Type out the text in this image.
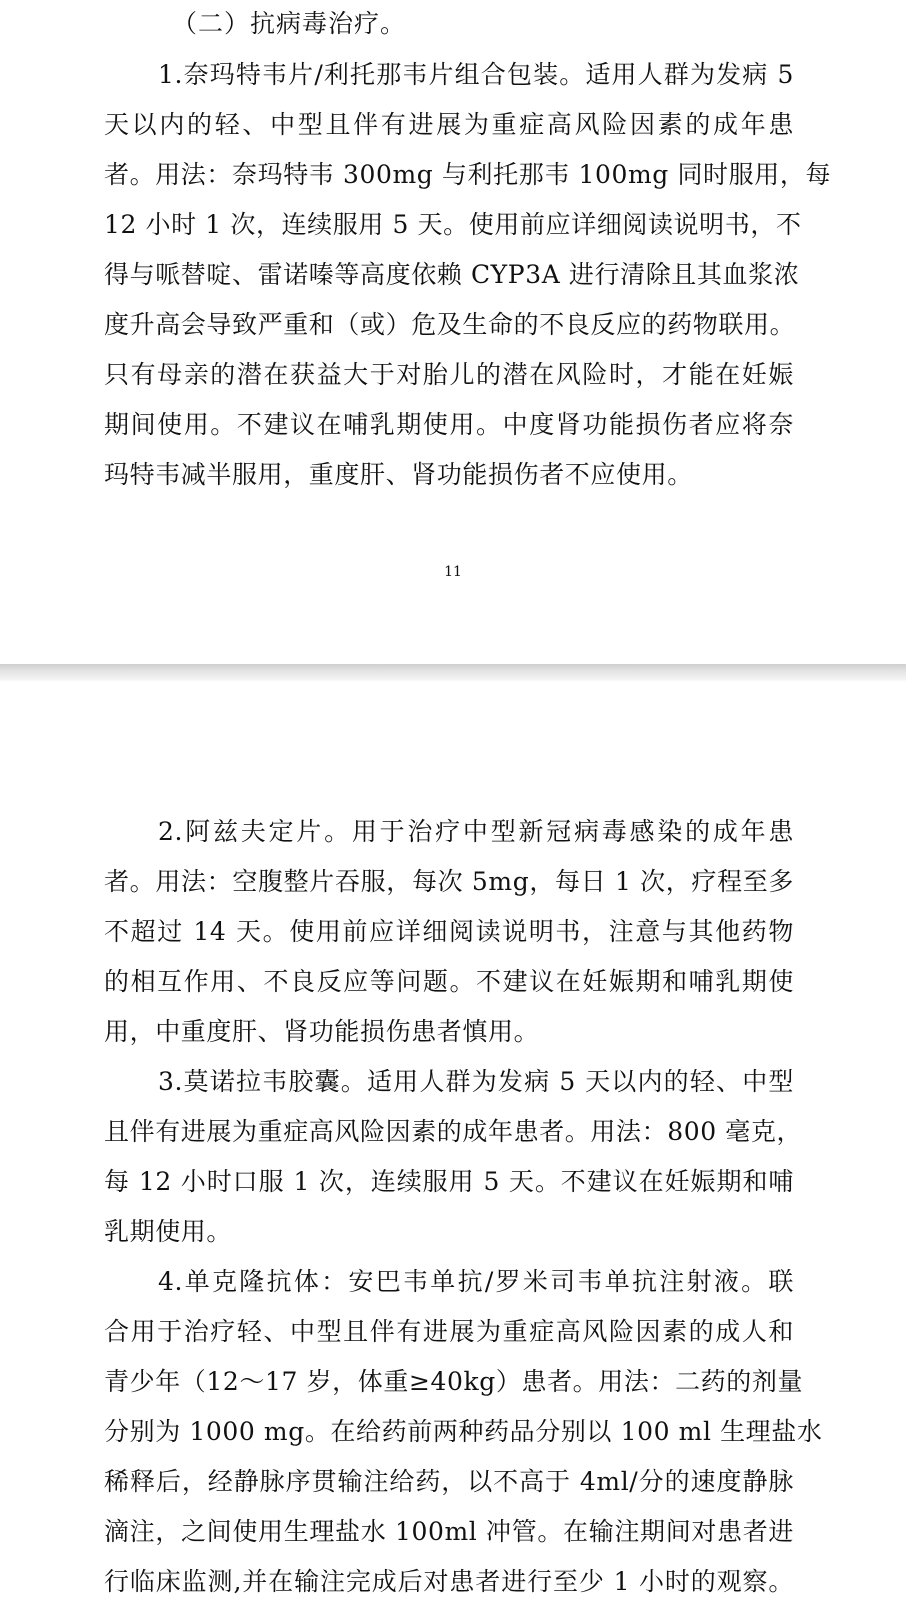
（二）抗病毒治疗。
1.奈玛特韦片/利托那韦片组合包装。适用人群为发病 5
天以内的轻、中型且伴有进展为重症高风险因素的成年患
者。用法：奈玛特韦 300mg 与利托那韦 100mg 同时服用，每
12 小时 1 次，连续服用 5 天。使用前应详细阅读说明书，不
得与哌替啶、雷诺嗪等高度依赖 CYP3A 进行清除且其血浆浓
度升高会导致严重和（或）危及生命的不良反应的药物联用。
只有母亲的潜在获益大于对胎儿的潜在风险时，才能在妊娠
期间使用。不建议在哺乳期使用。中度肾功能损伤者应将奈
玛特韦减半服用，重度肝、肾功能损伤者不应使用。
11
2.阿兹夫定片。用于治疗中型新冠病毒感染的成年患
者。用法：空腹整片吞服，每次 5mg，每日 1 次，疗程至多
不超过 14 天。使用前应详细阅读说明书，注意与其他药物
的相互作用、不良反应等问题。不建议在妊娠期和哺乳期使
用，中重度肝、肾功能损伤患者慎用。
3.莫诺拉韦胶囊。适用人群为发病 5 天以内的轻、中型
且伴有进展为重症高风险因素的成年患者。用法：800 毫克，
每 12 小时口服 1 次，连续服用 5 天。不建议在妊娠期和哺
乳期使用。
4.单克隆抗体：安巴韦单抗/罗米司韦单抗注射液。联
合用于治疗轻、中型且伴有进展为重症高风险因素的成人和
青少年（12～17 岁，体重≥40kg）患者。用法：二药的剂量
分别为 1000 mg。在给药前两种药品分别以 100 ml 生理盐水
稀释后，经静脉序贯输注给药，以不高于 4ml/分的速度静脉
滴注，之间使用生理盐水 100ml 冲管。在输注期间对患者进
行临床监测,并在输注完成后对患者进行至少 1 小时的观察。
